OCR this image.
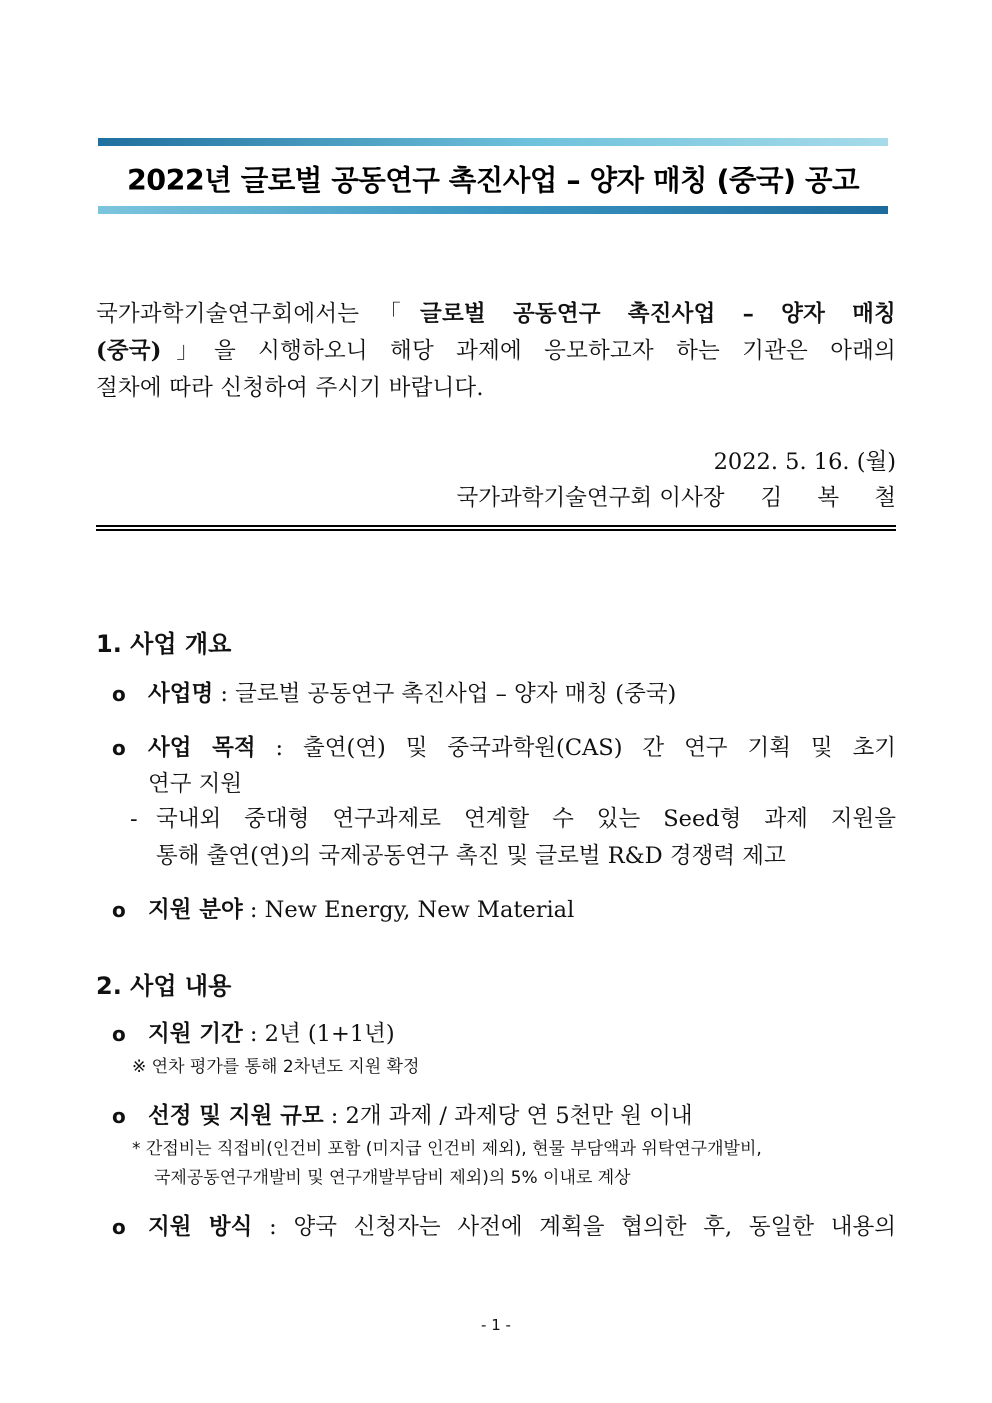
2022년 글로벌 공동연구 촉진사업 – 양자 매칭 (중국) 공고
국가과학기술연구회에서는「글로벌 공동연구 촉진사업 – 양자 매칭
(중국)」을 시행하오니 해당 과제에 응모하고자 하는 기관은 아래의
절차에 따라 신청하여 주시기 바랍니다.
2022. 5. 16. (월)
국가과학기술연구회 이사장 김 복 철
1. 사업 개요
o 사업명 : 글로벌 공동연구 촉진사업 – 양자 매칭 (중국)
o 사업 목적 : 출연(연) 및 중국과학원(CAS) 간 연구 기획 및 초기
연구 지원
- 국내외 중대형 연구과제로 연계할 수 있는 Seed형 과제 지원을
통해 출연(연)의 국제공동연구 촉진 및 글로벌 R&D 경쟁력 제고
o 지원 분야 : New Energy, New Material
2. 사업 내용
o 지원 기간 : 2년 (1+1년)
※ 연차 평가를 통해 2차년도 지원 확정
o 선정 및 지원 규모 : 2개 과제 / 과제당 연 5천만 원 이내
* 간접비는 직접비(인건비 포함 (미지급 인건비 제외), 현물 부담액과 위탁연구개발비,
국제공동연구개발비 및 연구개발부담비 제외)의 5% 이내로 계상
o 지원 방식 : 양국 신청자는 사전에 계획을 협의한 후, 동일한 내용의
- 1 -
